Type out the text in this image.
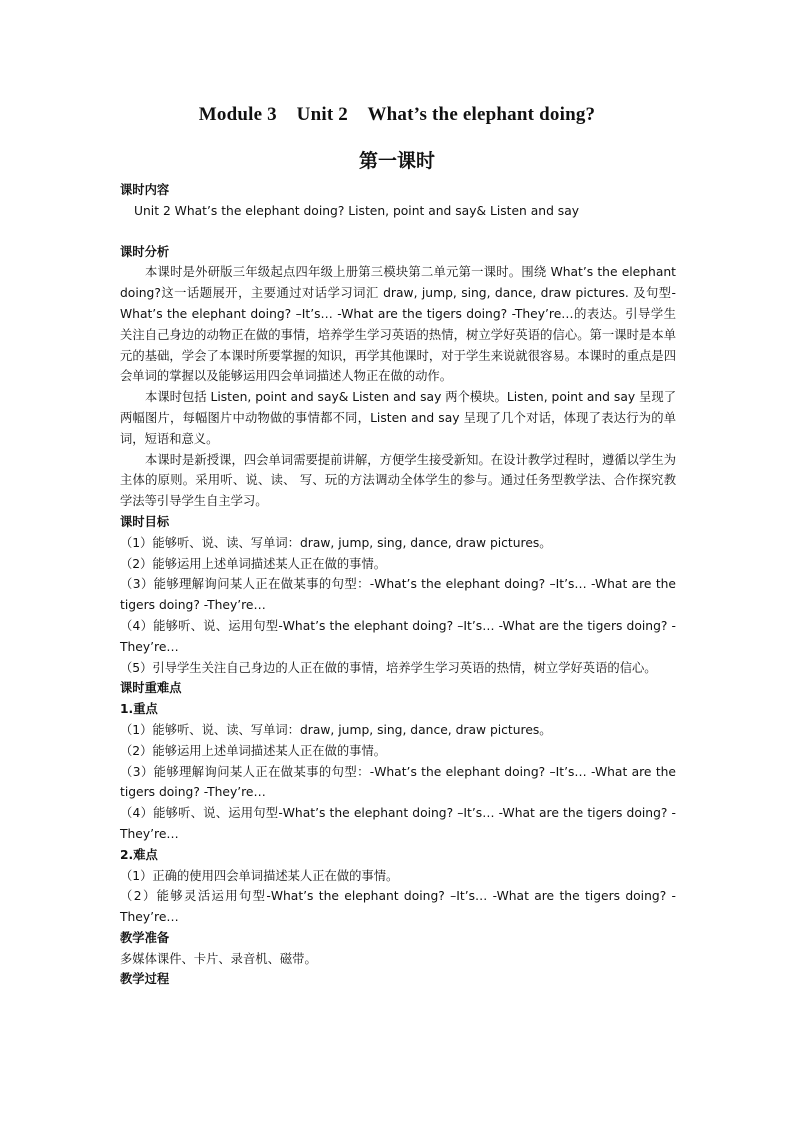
Module 3    Unit 2    What’s the elephant doing?
第一课时

课时内容

Unit 2 What’s the elephant doing? Listen, point and say& Listen and say

课时分析

本课时是外研版三年级起点四年级上册第三模块第二单元第一课时。围绕 What’s the elephant doing?这一话题展开，主要通过对话学习词汇 draw, jump, sing, dance, draw pictures. 及句型-What’s the elephant doing? –It’s… -What are the tigers doing? -They’re…的表达。引导学生关注自己身边的动物正在做的事情，培养学生学习英语的热情，树立学好英语的信心。第一课时是本单元的基础，学会了本课时所要掌握的知识，再学其他课时，对于学生来说就很容易。本课时的重点是四会单词的掌握以及能够运用四会单词描述人物正在做的动作。

本课时包括 Listen, point and say& Listen and say 两个模块。Listen, point and say 呈现了两幅图片，每幅图片中动物做的事情都不同，Listen and say 呈现了几个对话，体现了表达行为的单词，短语和意义。

本课时是新授课，四会单词需要提前讲解，方便学生接受新知。在设计教学过程时，遵循以学生为主体的原则。采用听、说、读、 写、玩的方法调动全体学生的参与。通过任务型教学法、合作探究教学法等引导学生自主学习。

课时目标

（1）能够听、说、读、写单词：draw, jump, sing, dance, draw pictures。

（2）能够运用上述单词描述某人正在做的事情。

（3）能够理解询问某人正在做某事的句型：-What’s the elephant doing? –It’s… -What are the tigers doing? -They’re…

（4）能够听、说、运用句型-What’s the elephant doing? –It’s… -What are the tigers doing? -They’re…

（5）引导学生关注自己身边的人正在做的事情，培养学生学习英语的热情，树立学好英语的信心。

课时重难点

1.重点

（1）能够听、说、读、写单词：draw, jump, sing, dance, draw pictures。

（2）能够运用上述单词描述某人正在做的事情。

（3）能够理解询问某人正在做某事的句型：-What’s the elephant doing? –It’s… -What are the tigers doing? -They’re…

（4）能够听、说、运用句型-What’s the elephant doing? –It’s… -What are the tigers doing? -They’re…

2.难点

（1）正确的使用四会单词描述某人正在做的事情。

（2）能够灵活运用句型-What’s the elephant doing? –It’s… -What are the tigers doing? -They’re…

教学准备

多媒体课件、卡片、录音机、磁带。

教学过程
